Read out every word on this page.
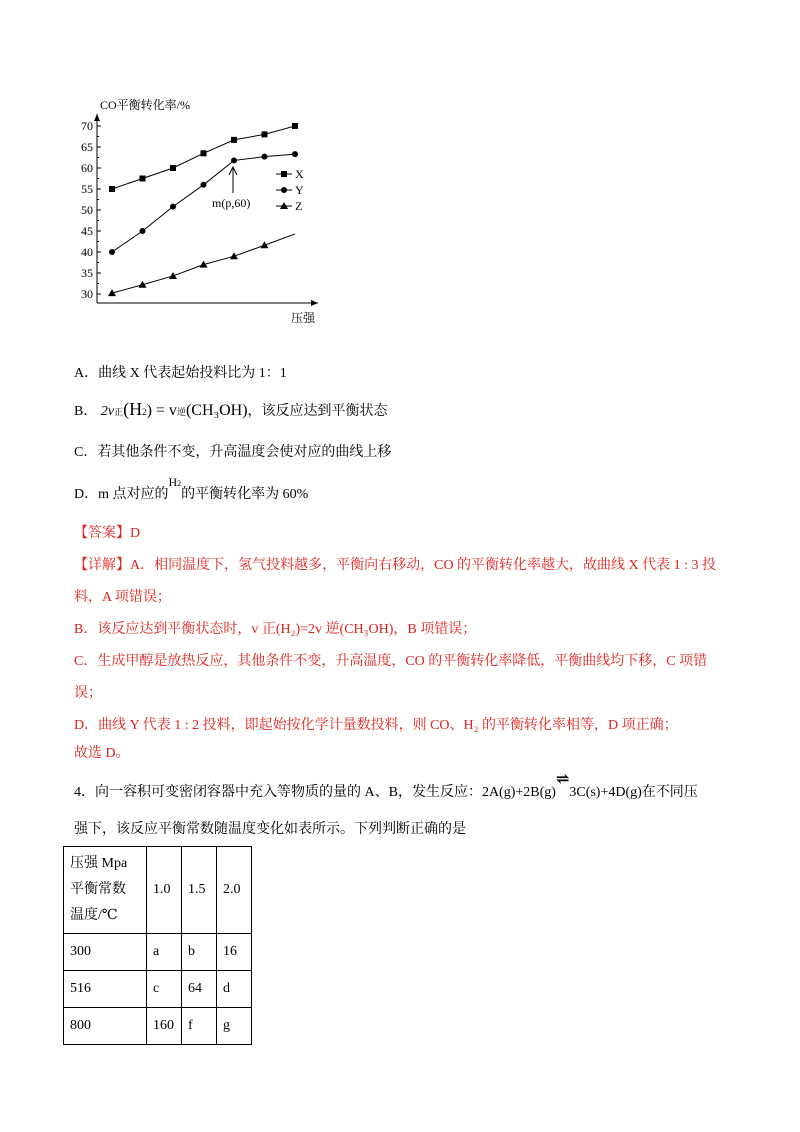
30
35
40
45
50
55
60
65
70
CO平衡转化率/%
压强
m(p,60)
X
Y
Z
A．曲线 X 代表起始投料比为 1：1
B． 2v正(H2) = v逆(CH₃OH)，该反应达到平衡状态
C．若其他条件不变，升高温度会使对应的曲线上移
D．m 点对应的H2的平衡转化率为 60%
【答案】D
【详解】A．相同温度下，氢气投料越多，平衡向右移动，CO 的平衡转化率越大，故曲线 X 代表 1 : 3 投
料，A 项错误；
B．该反应达到平衡状态时，v 正(H₂)=2v 逆(CH₃OH)，B 项错误；
C．生成甲醇是放热反应，其他条件不变，升高温度，CO 的平衡转化率降低，平衡曲线均下移，C 项错
误；
D．曲线 Y 代表 1 : 2 投料，即起始按化学计量数投料，则 CO、H₂ 的平衡转化率相等，D 项正确；
故选 D。
4．向一容积可变密闭容器中充入等物质的量的 A、B，发生反应：2A(g)+2B(g)⇌3C(s)+4D(g)在不同压
强下，该反应平衡常数随温度变化如表所示。下列判断正确的是
压强 Mpa
平衡常数
温度/℃	1.0	1.5	2.0
300	a	b	16
516	c	64	d
800	160	f	g
